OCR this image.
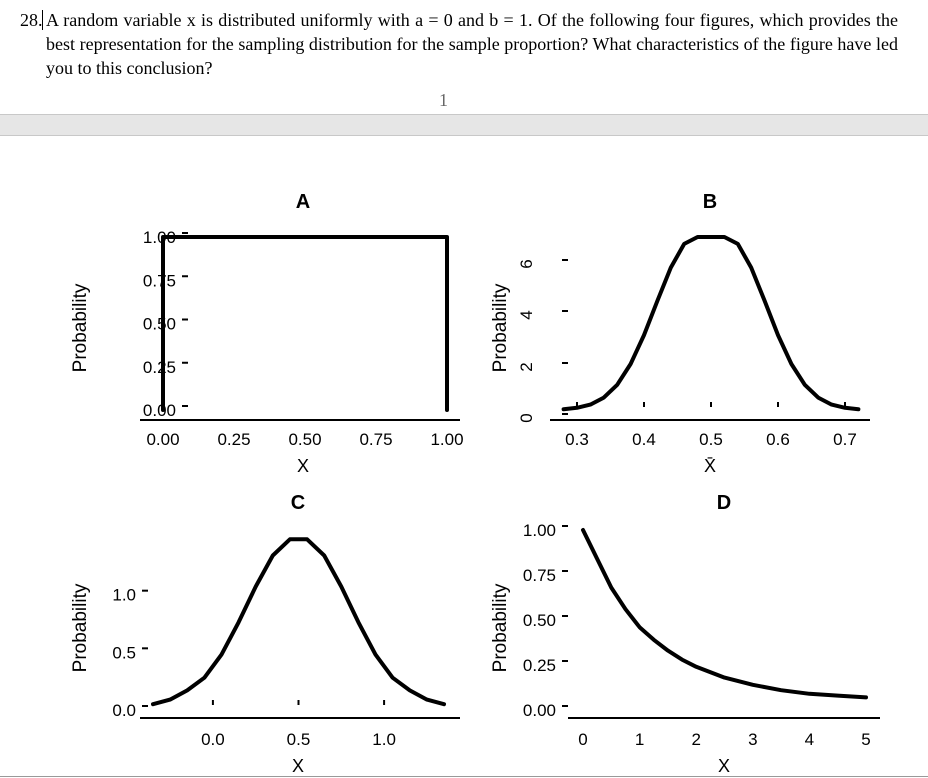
28. A random variable x is distributed uniformly with a = 0 and b = 1. Of the following four figures, which provides the best representation for the sampling distribution for the sample proportion? What characteristics of the figure have led you to this conclusion?
1
A
0.00 0.25 0.50 0.75 1.00
0.00
0.25
0.50
0.75
1.00
X
Probability
B
0.3	0.4	0.5	0.6	0.7
0
2
4
6
X̄
Probability
C
0.0	0.5	1.0
0.0
0.5
1.0
X
Probability
D
0	1	2	3	4	5
0.00
0.25
0.50
0.75
1.00
X
Probability
